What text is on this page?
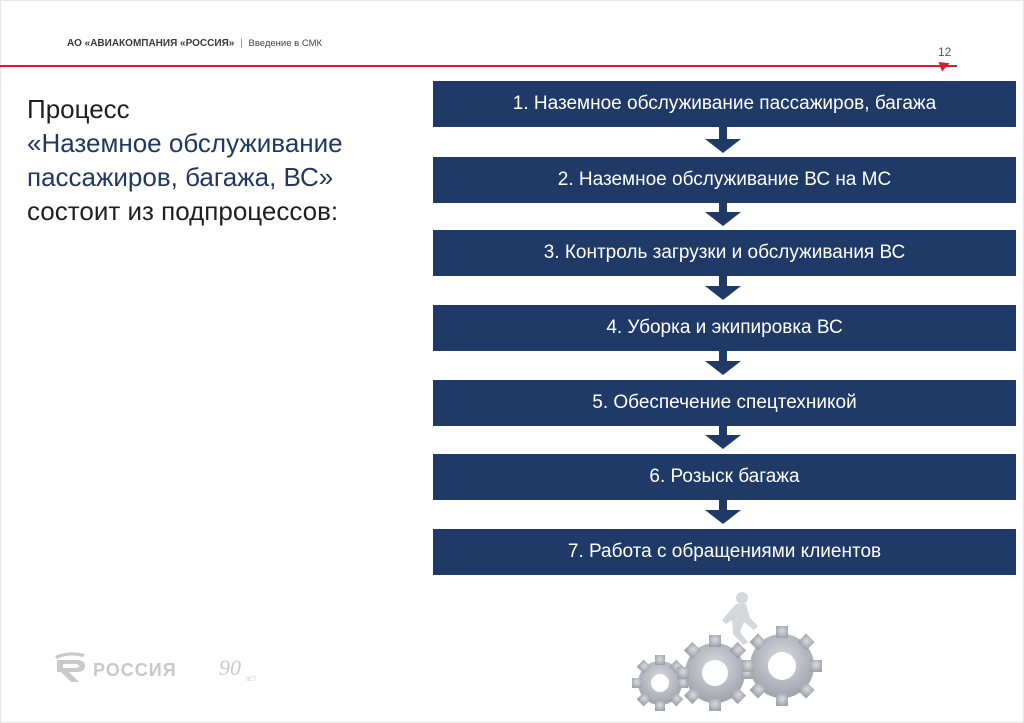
АО «АВИАКОМПАНИЯ «РОССИЯ» | Введение в СМК
12
Процесс
«Наземное обслуживание
пассажиров, багажа, ВС»
состоит из подпроцессов:
1. Наземное обслуживание пассажиров, багажа
2. Наземное обслуживание ВС на МС
3. Контроль загрузки и обслуживания ВС
4. Уборка и экипировка ВС
5. Обеспечение спецтехникой
6. Розыск багажа
7. Работа с обращениями клиентов
РОССИЯ 90 ЛЕТ
